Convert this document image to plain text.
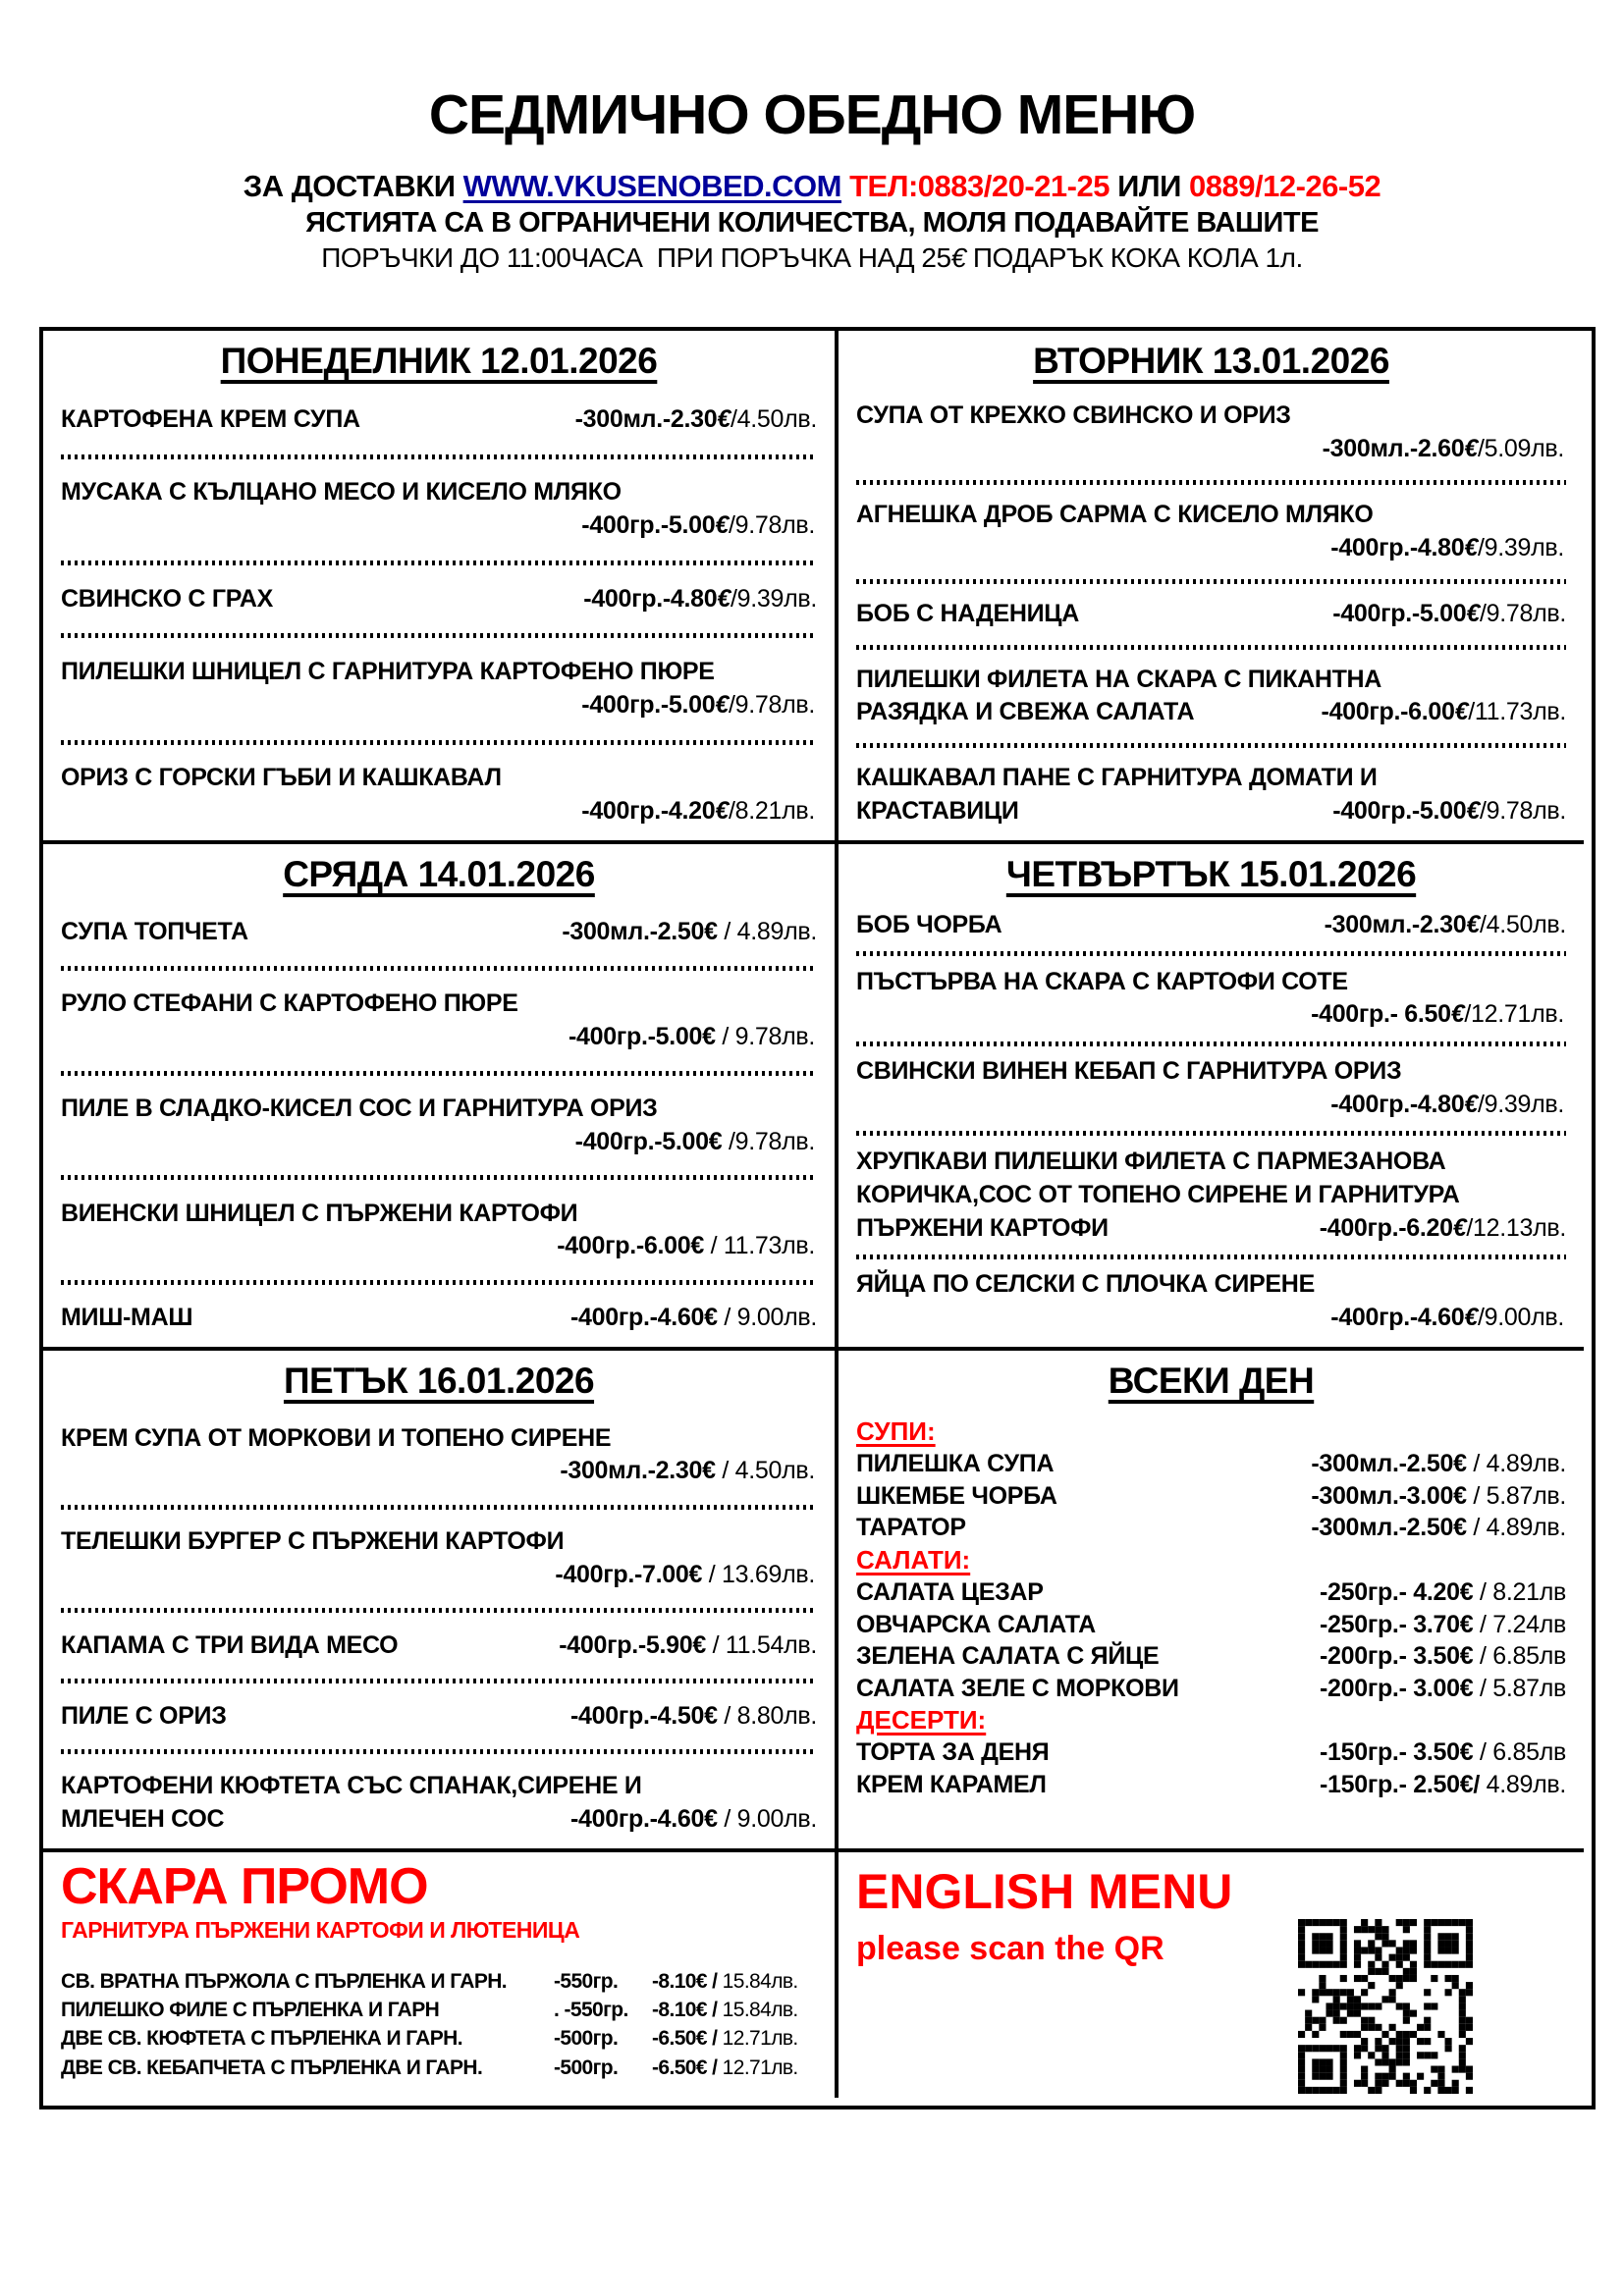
СЕДМИЧНО ОБЕДНО МЕНЮ

ЗА ДОСТАВКИ WWW.VKUSENOBED.COM ТЕЛ:0883/20-21-25 ИЛИ 0889/12-26-52

ЯСТИЯТА СА В ОГРАНИЧЕНИ КОЛИЧЕСТВА, МОЛЯ ПОДАВАЙТЕ ВАШИТЕ

ПОРЪЧКИ ДО 11:00ЧАСА  ПРИ ПОРЪЧКА НАД 25€ ПОДАРЪК КОКА КОЛА 1л.

ПОНЕДЕЛНИК 12.01.2026
КАРТОФЕНА КРЕМ СУПА	-300мл.-2.30€/4.50лв.
МУСАКА С КЪЛЦАНО МЕСО И КИСЕЛО МЛЯКО
-400гр.-5.00€/9.78лв.
СВИНСКО С ГРАХ	-400гр.-4.80€/9.39лв.
ПИЛЕШКИ ШНИЦЕЛ С ГАРНИТУРА КАРТОФЕНО ПЮРЕ
-400гр.-5.00€/9.78лв.
ОРИЗ С ГОРСКИ ГЪБИ И КАШКАВАЛ
-400гр.-4.20€/8.21лв.
ВТОРНИК 13.01.2026
СУПА ОТ КРЕХКО СВИНСКО И ОРИЗ
-300мл.-2.60€/5.09лв.
АГНЕШКА ДРОБ САРМА С КИСЕЛО МЛЯКО
-400гр.-4.80€/9.39лв.
БОБ С НАДЕНИЦА	-400гр.-5.00€/9.78лв.
ПИЛЕШКИ ФИЛЕТА НА СКАРА С ПИКАНТНА
РАЗЯДКА И СВЕЖА САЛАТА	-400гр.-6.00€/11.73лв.
КАШКАВАЛ ПАНЕ С ГАРНИТУРА ДОМАТИ И
КРАСТАВИЦИ	-400гр.-5.00€/9.78лв.
СРЯДА 14.01.2026
СУПА ТОПЧЕТА	-300мл.-2.50€ / 4.89лв.
РУЛО СТЕФАНИ С КАРТОФЕНО ПЮРЕ
-400гр.-5.00€ / 9.78лв.
ПИЛЕ В СЛАДКО-КИСЕЛ СОС И ГАРНИТУРА ОРИЗ
-400гр.-5.00€ /9.78лв.
ВИЕНСКИ ШНИЦЕЛ С ПЪРЖЕНИ КАРТОФИ
-400гр.-6.00€ / 11.73лв.
МИШ-МАШ	-400гр.-4.60€ / 9.00лв.
ЧЕТВЪРТЪК 15.01.2026
БОБ ЧОРБА	-300мл.-2.30€/4.50лв.
ПЪСТЪРВА НА СКАРА С КАРТОФИ СОТЕ
-400гр.- 6.50€/12.71лв.
СВИНСКИ ВИНЕН КЕБАП С ГАРНИТУРА ОРИЗ
-400гр.-4.80€/9.39лв.
ХРУПКАВИ ПИЛЕШКИ ФИЛЕТА С ПАРМЕЗАНОВА
КОРИЧКА,СОС ОТ ТОПЕНО СИРЕНЕ И ГАРНИТУРА
ПЪРЖЕНИ КАРТОФИ	-400гр.-6.20€/12.13лв.
ЯЙЦА ПО СЕЛСКИ С ПЛОЧКА СИРЕНЕ
-400гр.-4.60€/9.00лв.
ПЕТЪК 16.01.2026
КРЕМ СУПА ОТ МОРКОВИ И ТОПЕНО СИРЕНЕ
-300мл.-2.30€ / 4.50лв.
ТЕЛЕШКИ БУРГЕР С ПЪРЖЕНИ КАРТОФИ
-400гр.-7.00€ / 13.69лв.
КАПАМА С ТРИ ВИДА МЕСО	-400гр.-5.90€ / 11.54лв.
ПИЛЕ С ОРИЗ	-400гр.-4.50€ / 8.80лв.
КАРТОФЕНИ КЮФТЕТА СЪС СПАНАК,СИРЕНЕ И
МЛЕЧЕН СОС	-400гр.-4.60€ / 9.00лв.
ВСЕКИ ДЕН
СУПИ:
ПИЛЕШКА СУПА	-300мл.-2.50€ / 4.89лв.
ШКЕМБЕ ЧОРБА	-300мл.-3.00€ / 5.87лв.
ТАРАТОР	-300мл.-2.50€ / 4.89лв.
САЛАТИ:
САЛАТА ЦЕЗАР	-250гр.- 4.20€ / 8.21лв
ОВЧАРСКА САЛАТА	-250гр.- 3.70€ / 7.24лв
ЗЕЛЕНА САЛАТА С ЯЙЦЕ	-200гр.- 3.50€ / 6.85лв
САЛАТА ЗЕЛЕ С МОРКОВИ	-200гр.- 3.00€ / 5.87лв
ДЕСЕРТИ:
ТОРТА ЗА ДЕНЯ	-150гр.- 3.50€ / 6.85лв
КРЕМ КАРАМЕЛ	-150гр.- 2.50€/ 4.89лв.
СКАРА ПРОМО
ГАРНИТУРА ПЪРЖЕНИ КАРТОФИ И ЛЮТЕНИЦА
СВ. ВРАТНА ПЪРЖОЛА С ПЪРЛЕНКА И ГАРН.	-550гр.	-8.10€ / 15.84лв.
ПИЛЕШКО ФИЛЕ С ПЪРЛЕНКА И ГАРН	. -550гр.	-8.10€ / 15.84лв.
ДВЕ СВ. КЮФТЕТА С ПЪРЛЕНКА И ГАРН.	-500гр.	-6.50€ / 12.71лв.
ДВЕ СВ. КЕБАПЧЕТА С ПЪРЛЕНКА И ГАРН.	-500гр.	-6.50€ / 12.71лв.
ENGLISH MENU
please scan the QR
